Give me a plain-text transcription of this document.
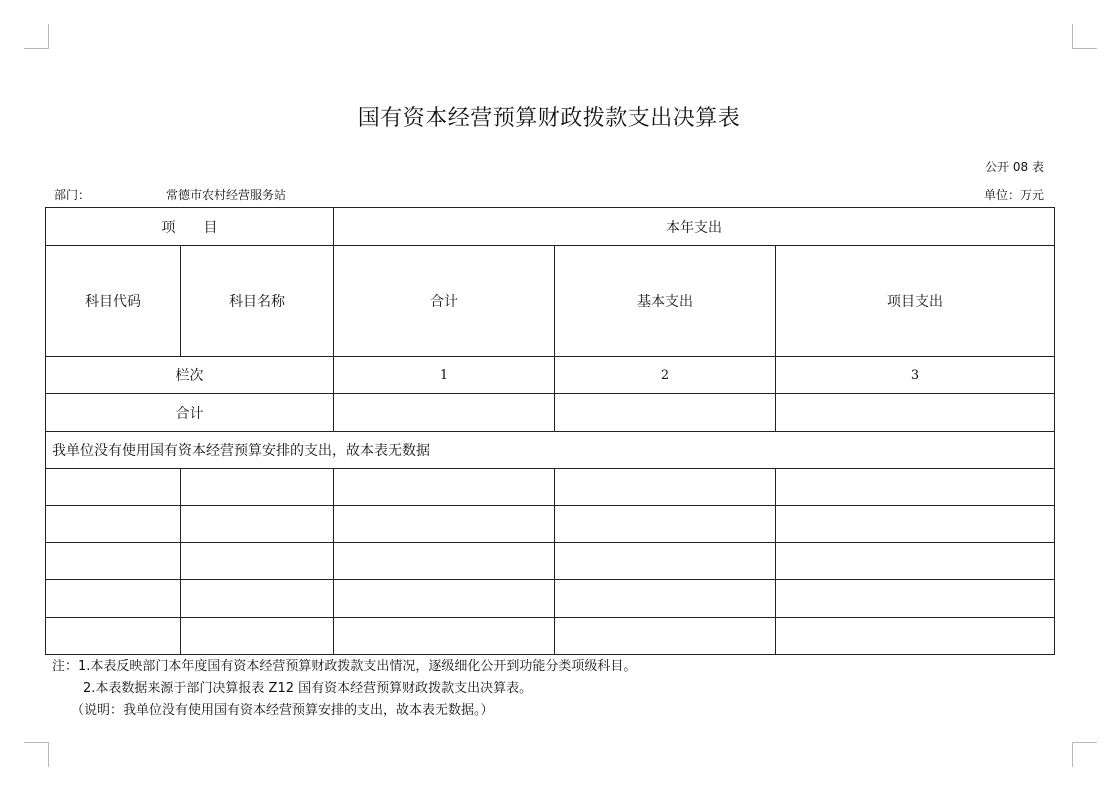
国有资本经营预算财政拨款支出决算表
公开 08 表
部门：	常德市农村经营服务站	单位：万元
项　　目		本年支出		
科目代码	科目名称	合计	基本支出	项目支出
栏次		1	2	3
合计				
我单位没有使用国有资本经营预算安排的支出，故本表无数据				

注：1.本表反映部门本年度国有资本经营预算财政拨款支出情况，逐级细化公开到功能分类项级科目。
2.本表数据来源于部门决算报表 Z12 国有资本经营预算财政拨款支出决算表。
（说明：我单位没有使用国有资本经营预算安排的支出，故本表无数据。）
